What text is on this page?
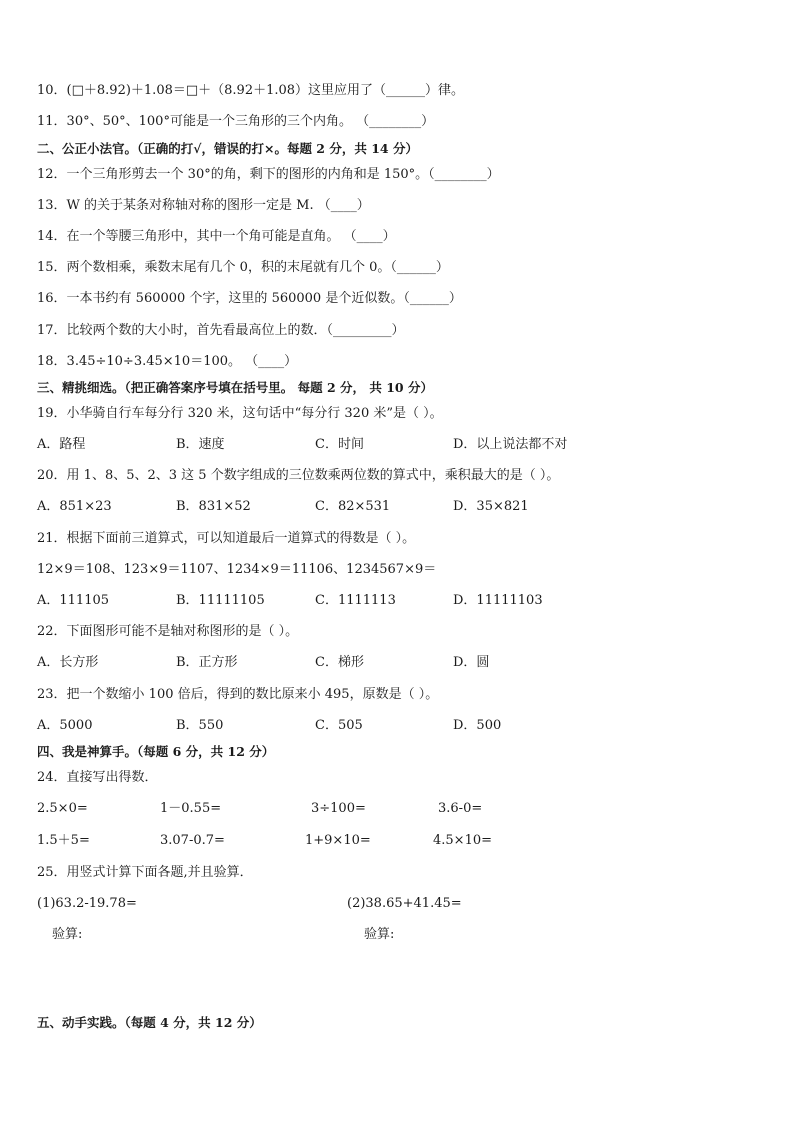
10．(□＋8.92)＋1.08＝□＋（8.92＋1.08）这里应用了（______）律。
11．30°、50°、100°可能是一个三角形的三个内角。 （________）
二、公正小法官。（正确的打√，错误的打×。每题 2 分，共 14 分）
12．一个三角形剪去一个 30°的角，剩下的图形的内角和是 150°。（________）
13．W 的关于某条对称轴对称的图形一定是 M. （____）
14．在一个等腰三角形中，其中一个角可能是直角。 （____）
15．两个数相乘，乘数末尾有几个 0，积的末尾就有几个 0。（______）
16．一本书约有 560000 个字，这里的 560000 是个近似数。（______）
17．比较两个数的大小时，首先看最高位上的数．（_________）
18．3.45÷10÷3.45×10＝100。 （____）
三、精挑细选。（把正确答案序号填在括号里。 每题 2 分， 共 10 分）
19．小华骑自行车每分行 320 米，这句话中“每分行 320 米”是（ ）。
A．路程	B．速度	C．时间	D．以上说法都不对
20．用 1、8、5、2、3 这 5 个数字组成的三位数乘两位数的算式中，乘积最大的是（ ）。
A．851×23	B．831×52	C．82×531	D．35×821
21．根据下面前三道算式，可以知道最后一道算式的得数是（ ）。
12×9＝108、123×9＝1107、1234×9＝11106、1234567×9＝
A．111105	B．11111105	C．1111113	D．11111103
22．下面图形可能不是轴对称图形的是（ ）。
A．长方形	B．正方形	C．梯形	D．圆
23．把一个数缩小 100 倍后，得到的数比原来小 495，原数是（ ）。
A．5000	B．550	C．505	D．500
四、我是神算手。（每题 6 分，共 12 分）
24．直接写出得数．
2.5×0=	1－0.55=	3÷100=	3.6-0=
1.5＋5=	3.07-0.7=	1+9×10=	4.5×10=
25．用竖式计算下面各题,并且验算．
(1)63.2-19.78=	(2)38.65+41.45=
验算:	验算:
五、动手实践。（每题 4 分，共 12 分）
